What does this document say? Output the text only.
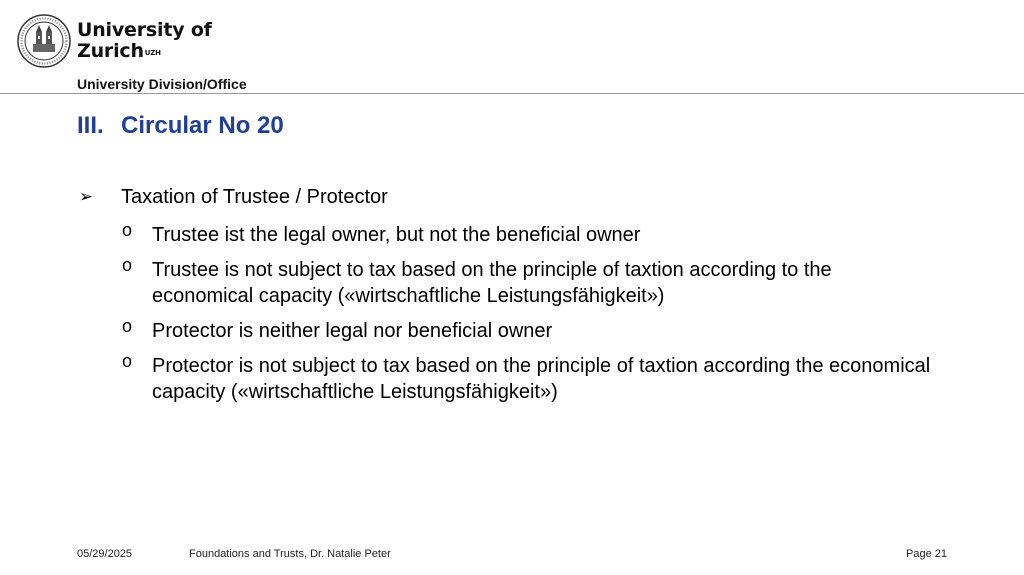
University of
Zurich$^{UZH}$
University Division/Office
III. Circular No 20
➢ Taxation of Trustee / Protector
o Trustee ist the legal owner, but not the beneficial owner
o Trustee is not subject to tax based on the principle of taxtion according to the economical capacity («wirtschaftliche Leistungsfähigkeit»)
o Protector is neither legal nor beneficial owner
o Protector is not subject to tax based on the principle of taxtion according the economical capacity («wirtschaftliche Leistungsfähigkeit»)
05/29/2025	Foundations and Trusts, Dr. Natalie Peter	Page 21
